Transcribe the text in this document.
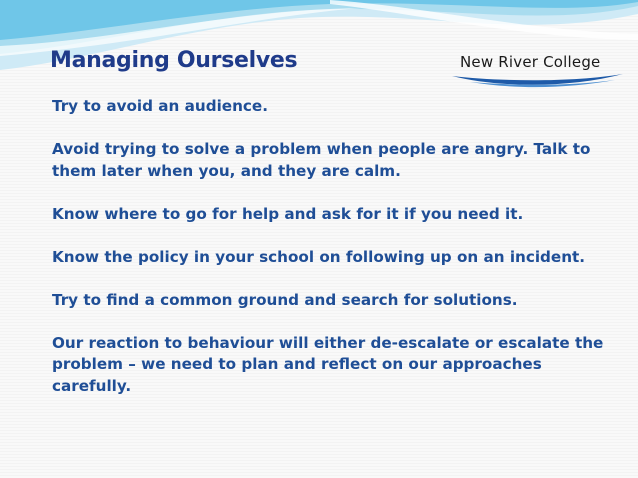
Managing Ourselves	New River College

Try to avoid an audience.

Avoid trying to solve a problem when people are angry. Talk to them later when you, and they are calm.

Know where to go for help and ask for it if you need it.

Know the policy in your school on following up on an incident.

Try to find a common ground and search for solutions.

Our reaction to behaviour will either de-escalate or escalate the problem – we need to plan and reflect on our approaches carefully.
